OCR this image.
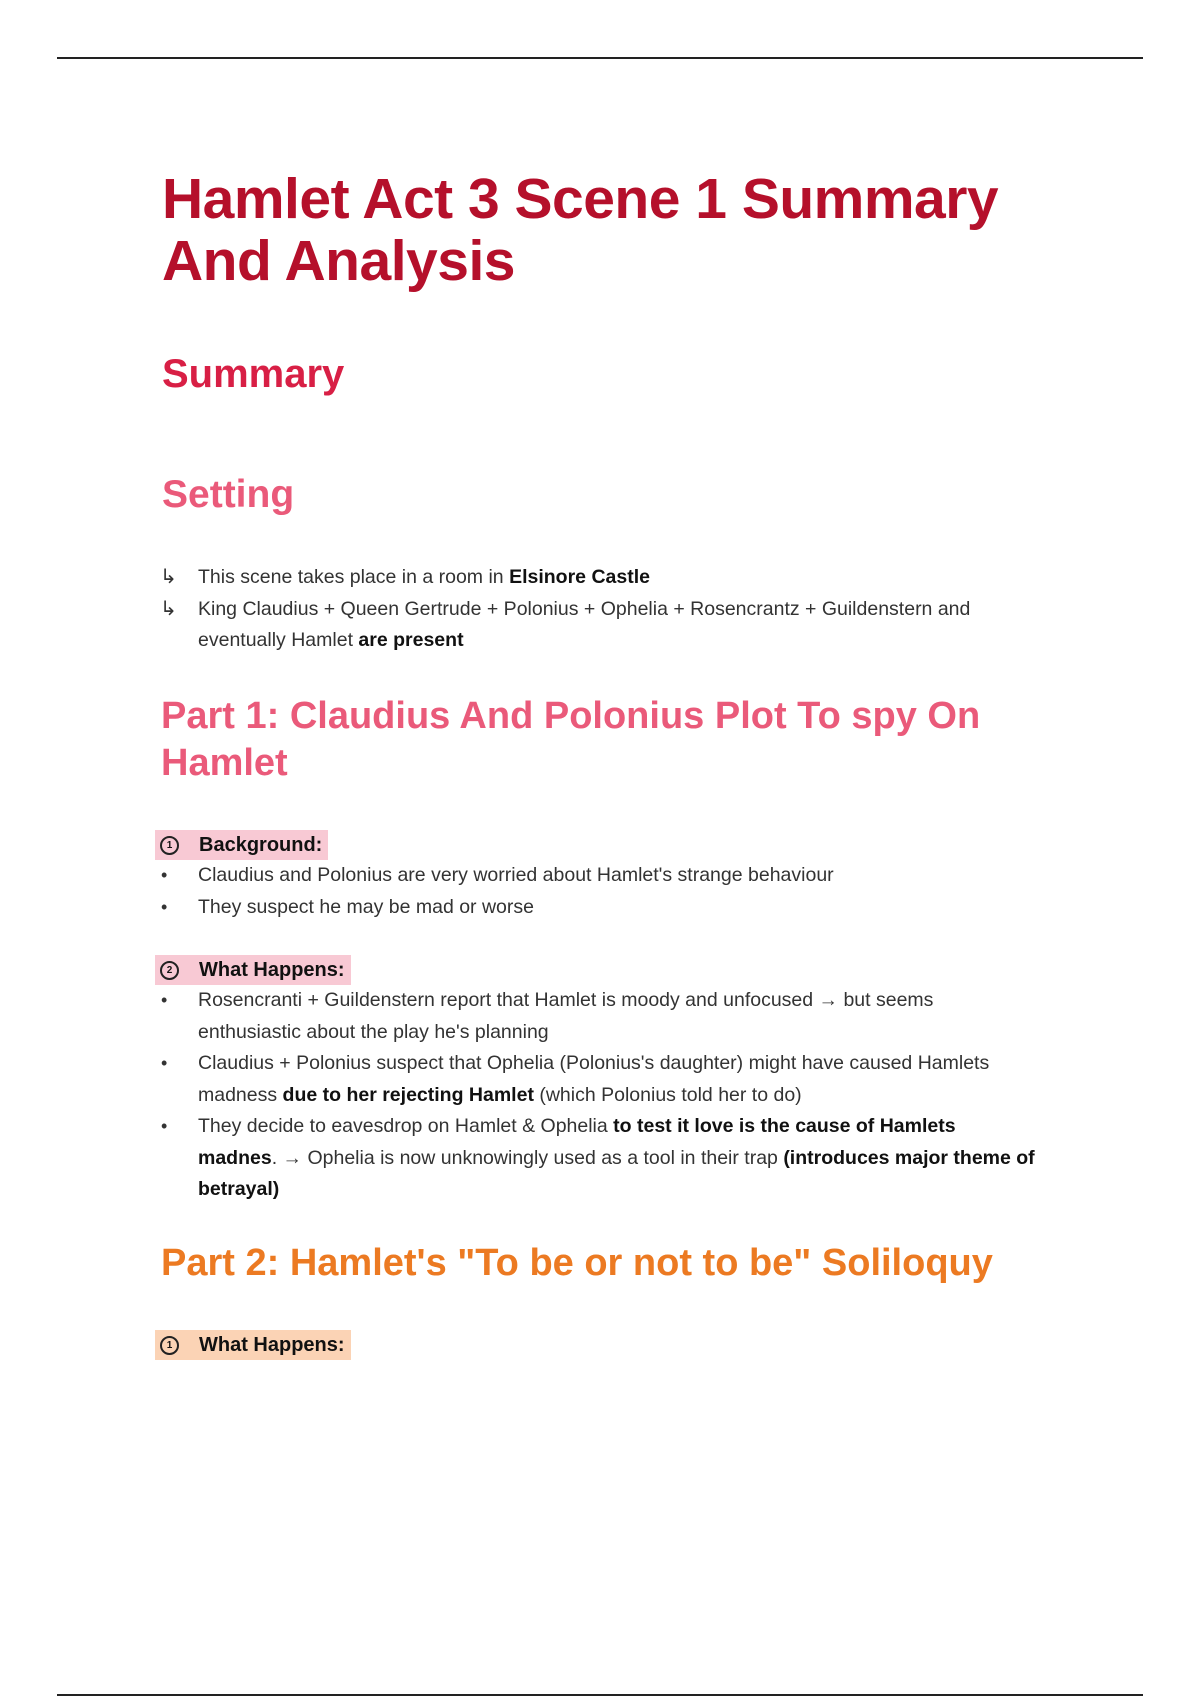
Hamlet Act 3 Scene 1 Summary And Analysis
Summary
Setting
↳	This scene takes place in a room in Elsinore Castle
↳	King Claudius + Queen Gertrude + Polonius + Ophelia + Rosencrantz + Guildenstern and eventually Hamlet are present
Part 1: Claudius And Polonius Plot To spy On Hamlet
1	Background:
•	Claudius and Polonius are very worried about Hamlet's strange behaviour
•	They suspect he may be mad or worse
2	What Happens:
•	Rosencranti + Guildenstern report that Hamlet is moody and unfocused → but seems enthusiastic about the play he's planning
•	Claudius + Polonius suspect that Ophelia (Polonius's daughter) might have caused Hamlets madness due to her rejecting Hamlet (which Polonius told her to do)
•	They decide to eavesdrop on Hamlet & Ophelia to test it love is the cause of Hamlets madnes. → Ophelia is now unknowingly used as a tool in their trap (introduces major theme of betrayal)
Part 2: Hamlet's "To be or not to be" Soliloquy
1	What Happens:
